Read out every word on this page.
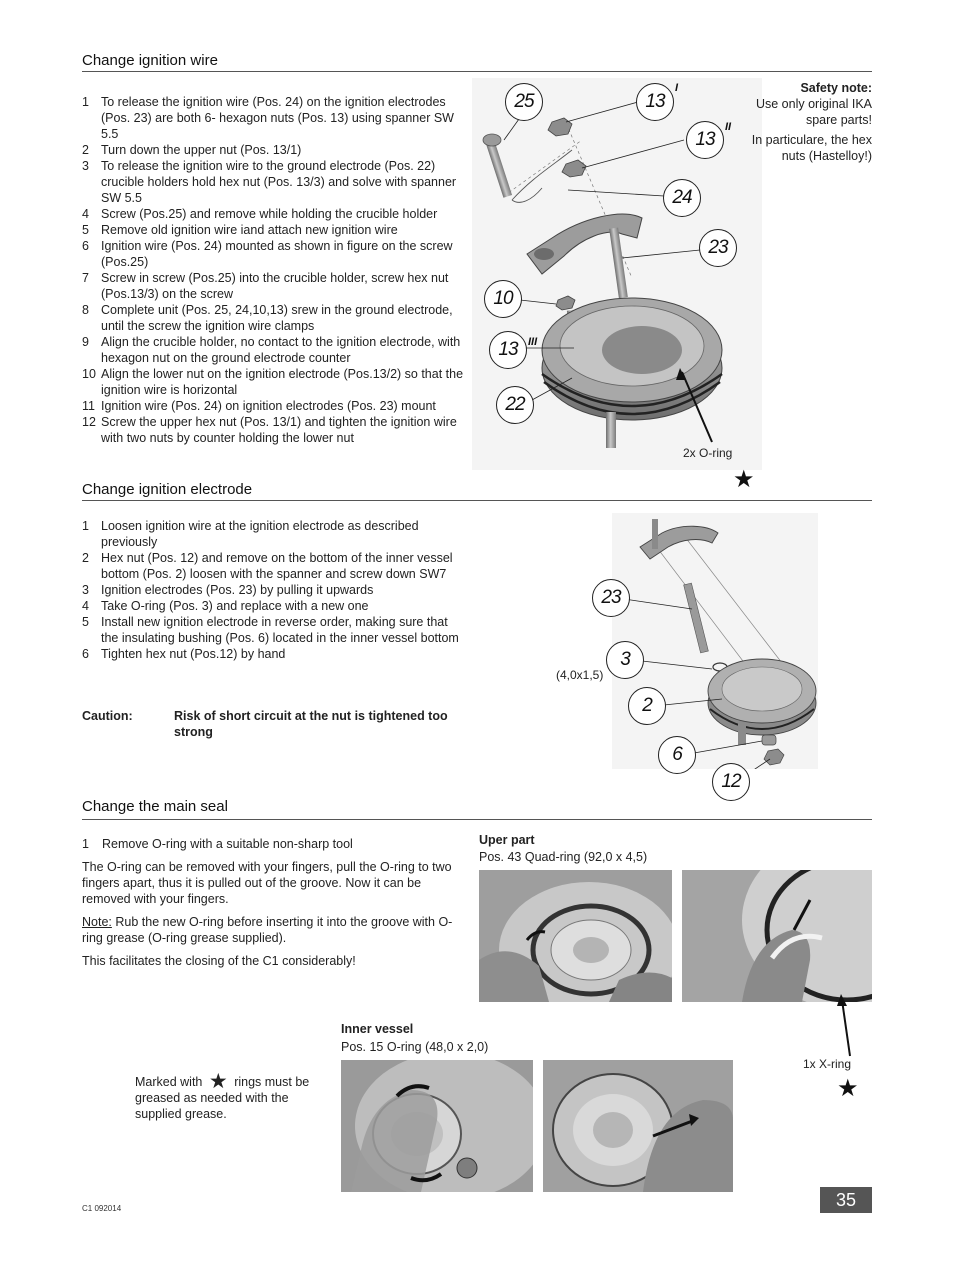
Change ignition wire
1 To release the ignition wire (Pos. 24) on the ignition electrodes (Pos. 23) are both 6- hexagon nuts (Pos. 13) using spanner SW 5.5
2 Turn down the upper nut (Pos. 13/1)
3 To release the ignition wire to the ground electrode (Pos. 22) crucible holders hold hex nut (Pos. 13/3) and solve with spanner SW 5.5
4 Screw (Pos.25) and remove while holding the crucible holder
5 Remove old ignition wire iand attach new ignition wire
6 Ignition wire (Pos. 24) mounted as shown in figure on the screw (Pos.25)
7 Screw in screw (Pos.25) into the crucible holder, screw hex nut (Pos.13/3) on the screw
8 Complete unit (Pos. 25, 24,10,13) srew in the ground electrode, until the screw the ignition wire clamps
9 Align the crucible holder, no contact to the ignition electrode, with hexagon nut on the ground electrode counter
10 Align the lower nut on the ignition electrode (Pos.13/2) so that the ignition wire is horizontal
11 Ignition wire (Pos. 24) on ignition electrodes (Pos. 23) mount
12 Screw the upper hex nut (Pos. 13/1) and tighten the ignition wire with two nuts by counter holding the lower nut
25	13
I
13
II
24
23
10
13 III
22
2x O-ring
★
Safety note:
Use only original IKA spare parts!
In particulare, the hex nuts (Hastelloy!)
Change ignition electrode
1 Loosen ignition wire at the ignition electrode as described previously
2 Hex nut (Pos. 12) and remove on the bottom of the inner vessel bottom (Pos. 2) loosen with the spanner and screw down SW7
3 Ignition electrodes (Pos. 23) by pulling it upwards
4 Take O-ring (Pos. 3) and replace with a new one
5 Install new ignition electrode in reverse order, making sure that the insulating bushing (Pos. 6) located in the inner vessel bottom
6 Tighten hex nut (Pos.12) by hand
Caution:	Risk of short circuit at the nut is tightened too strong
23
3
2
6
12
(4,0x1,5)
Change the main seal
1 Remove O-ring with a suitable non-sharp tool

The O-ring can be removed with your fingers, pull the O-ring to two fingers apart, thus it is pulled out of the groove. Now it can be removed with your fingers.

Note: Rub the new O-ring before inserting it into the groove with O-ring grease (O-ring grease supplied).

This facilitates the closing of the C1 considerably!

Uper part
Pos. 43 Quad-ring (92,0 x 4,5)
1x X-ring
★
Inner vessel
Pos. 15 O-ring (48,0 x 2,0)
Marked with ★ rings must be greased as needed with the supplied grease.
C1 092014	35
